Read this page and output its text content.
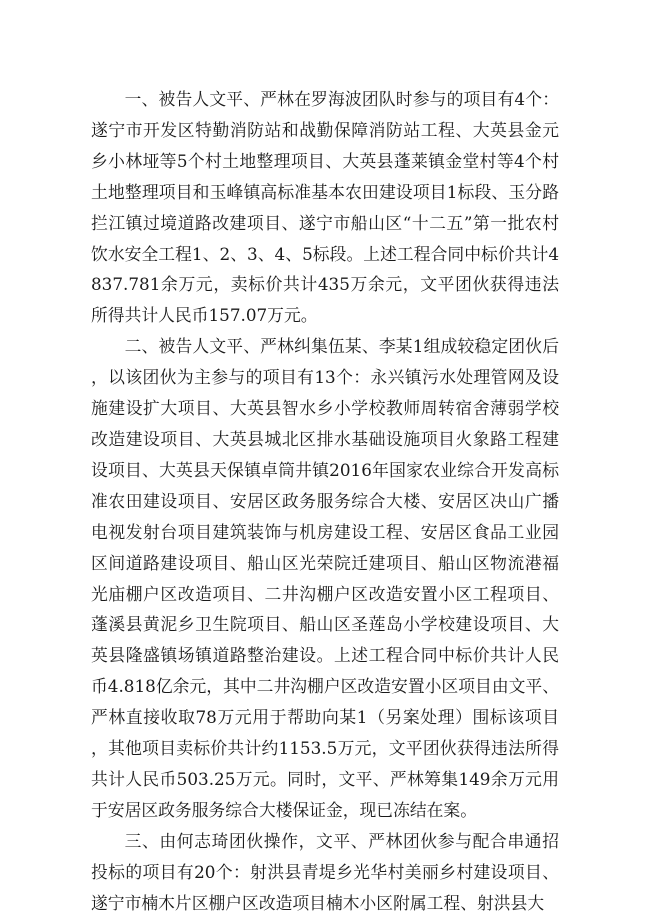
一、被告人文平、严林在罗海波团队时参与的项目有4个：遂宁市开发区特勤消防站和战勤保障消防站工程、大英县金元乡小林垭等5个村土地整理项目、大英县蓬莱镇金堂村等4个村土地整理项目和玉峰镇高标准基本农田建设项目1标段、玉分路拦江镇过境道路改建项目、遂宁市船山区“十二五”第一批农村饮水安全工程1、2、3、4、5标段。上述工程合同中标价共计4837.781余万元，卖标价共计435万余元，文平团伙获得违法所得共计人民币157.07万元。

二、被告人文平、严林纠集伍某、李某1组成较稳定团伙后，以该团伙为主参与的项目有13个：永兴镇污水处理管网及设施建设扩大项目、大英县智水乡小学校教师周转宿舍薄弱学校改造建设项目、大英县城北区排水基础设施项目火象路工程建设项目、大英县天保镇卓筒井镇2016年国家农业综合开发高标准农田建设项目、安居区政务服务综合大楼、安居区决山广播电视发射台项目建筑装饰与机房建设工程、安居区食品工业园区间道路建设项目、船山区光荣院迁建项目、船山区物流港福光庙棚户区改造项目、二井沟棚户区改造安置小区工程项目、蓬溪县黄泥乡卫生院项目、船山区圣莲岛小学校建设项目、大英县隆盛镇场镇道路整治建设。上述工程合同中标价共计人民币4.818亿余元，其中二井沟棚户区改造安置小区项目由文平、严林直接收取78万元用于帮助向某1（另案处理）围标该项目，其他项目卖标价共计约1153.5万元，文平团伙获得违法所得共计人民币503.25万元。同时，文平、严林筹集149余万元用于安居区政务服务综合大楼保证金，现已冻结在案。

三、由何志琦团伙操作，文平、严林团伙参与配合串通招投标的项目有20个：射洪县青堤乡光华村美丽乡村建设项目、遂宁市楠木片区棚户区改造项目楠木小区附属工程、射洪县大
